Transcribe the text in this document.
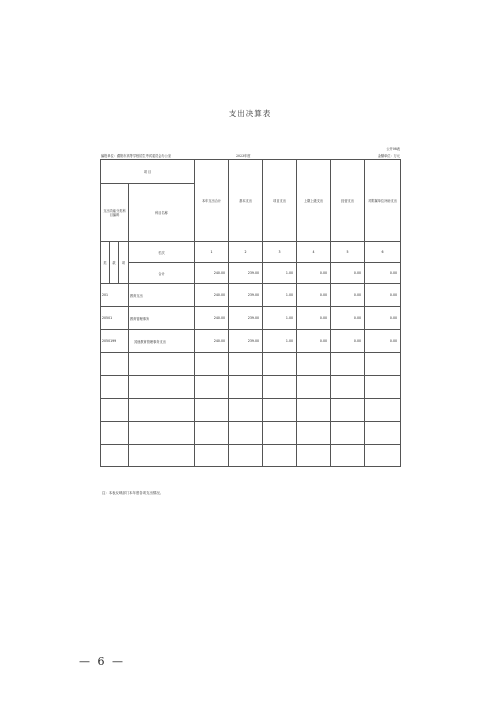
支出决算表
公开08表
编报单位：濮阳市高等学校招生考试委员会办公室	2023年度	金额单位：万元
项 目				本年支出合计	基本支出	项目支出	上缴上级支出	经营支出	对附属单位补助支出
支出功能分类科目编码			科目名称						

类	款	项	栏次	1	2	3	4	5	6
			合计	240.00	239.00	1.00	0.00	0.00	0.00
201			教育支出	240.00	239.00	1.00	0.00	0.00	0.00
20501			教育管理事务	240.00	239.00	1.00	0.00	0.00	0.00
2050199			其他教育管理事务支出	240.00	239.00	1.00	0.00	0.00	0.00

注：本表反映部门本年度各项支出情况。
— 6 —
